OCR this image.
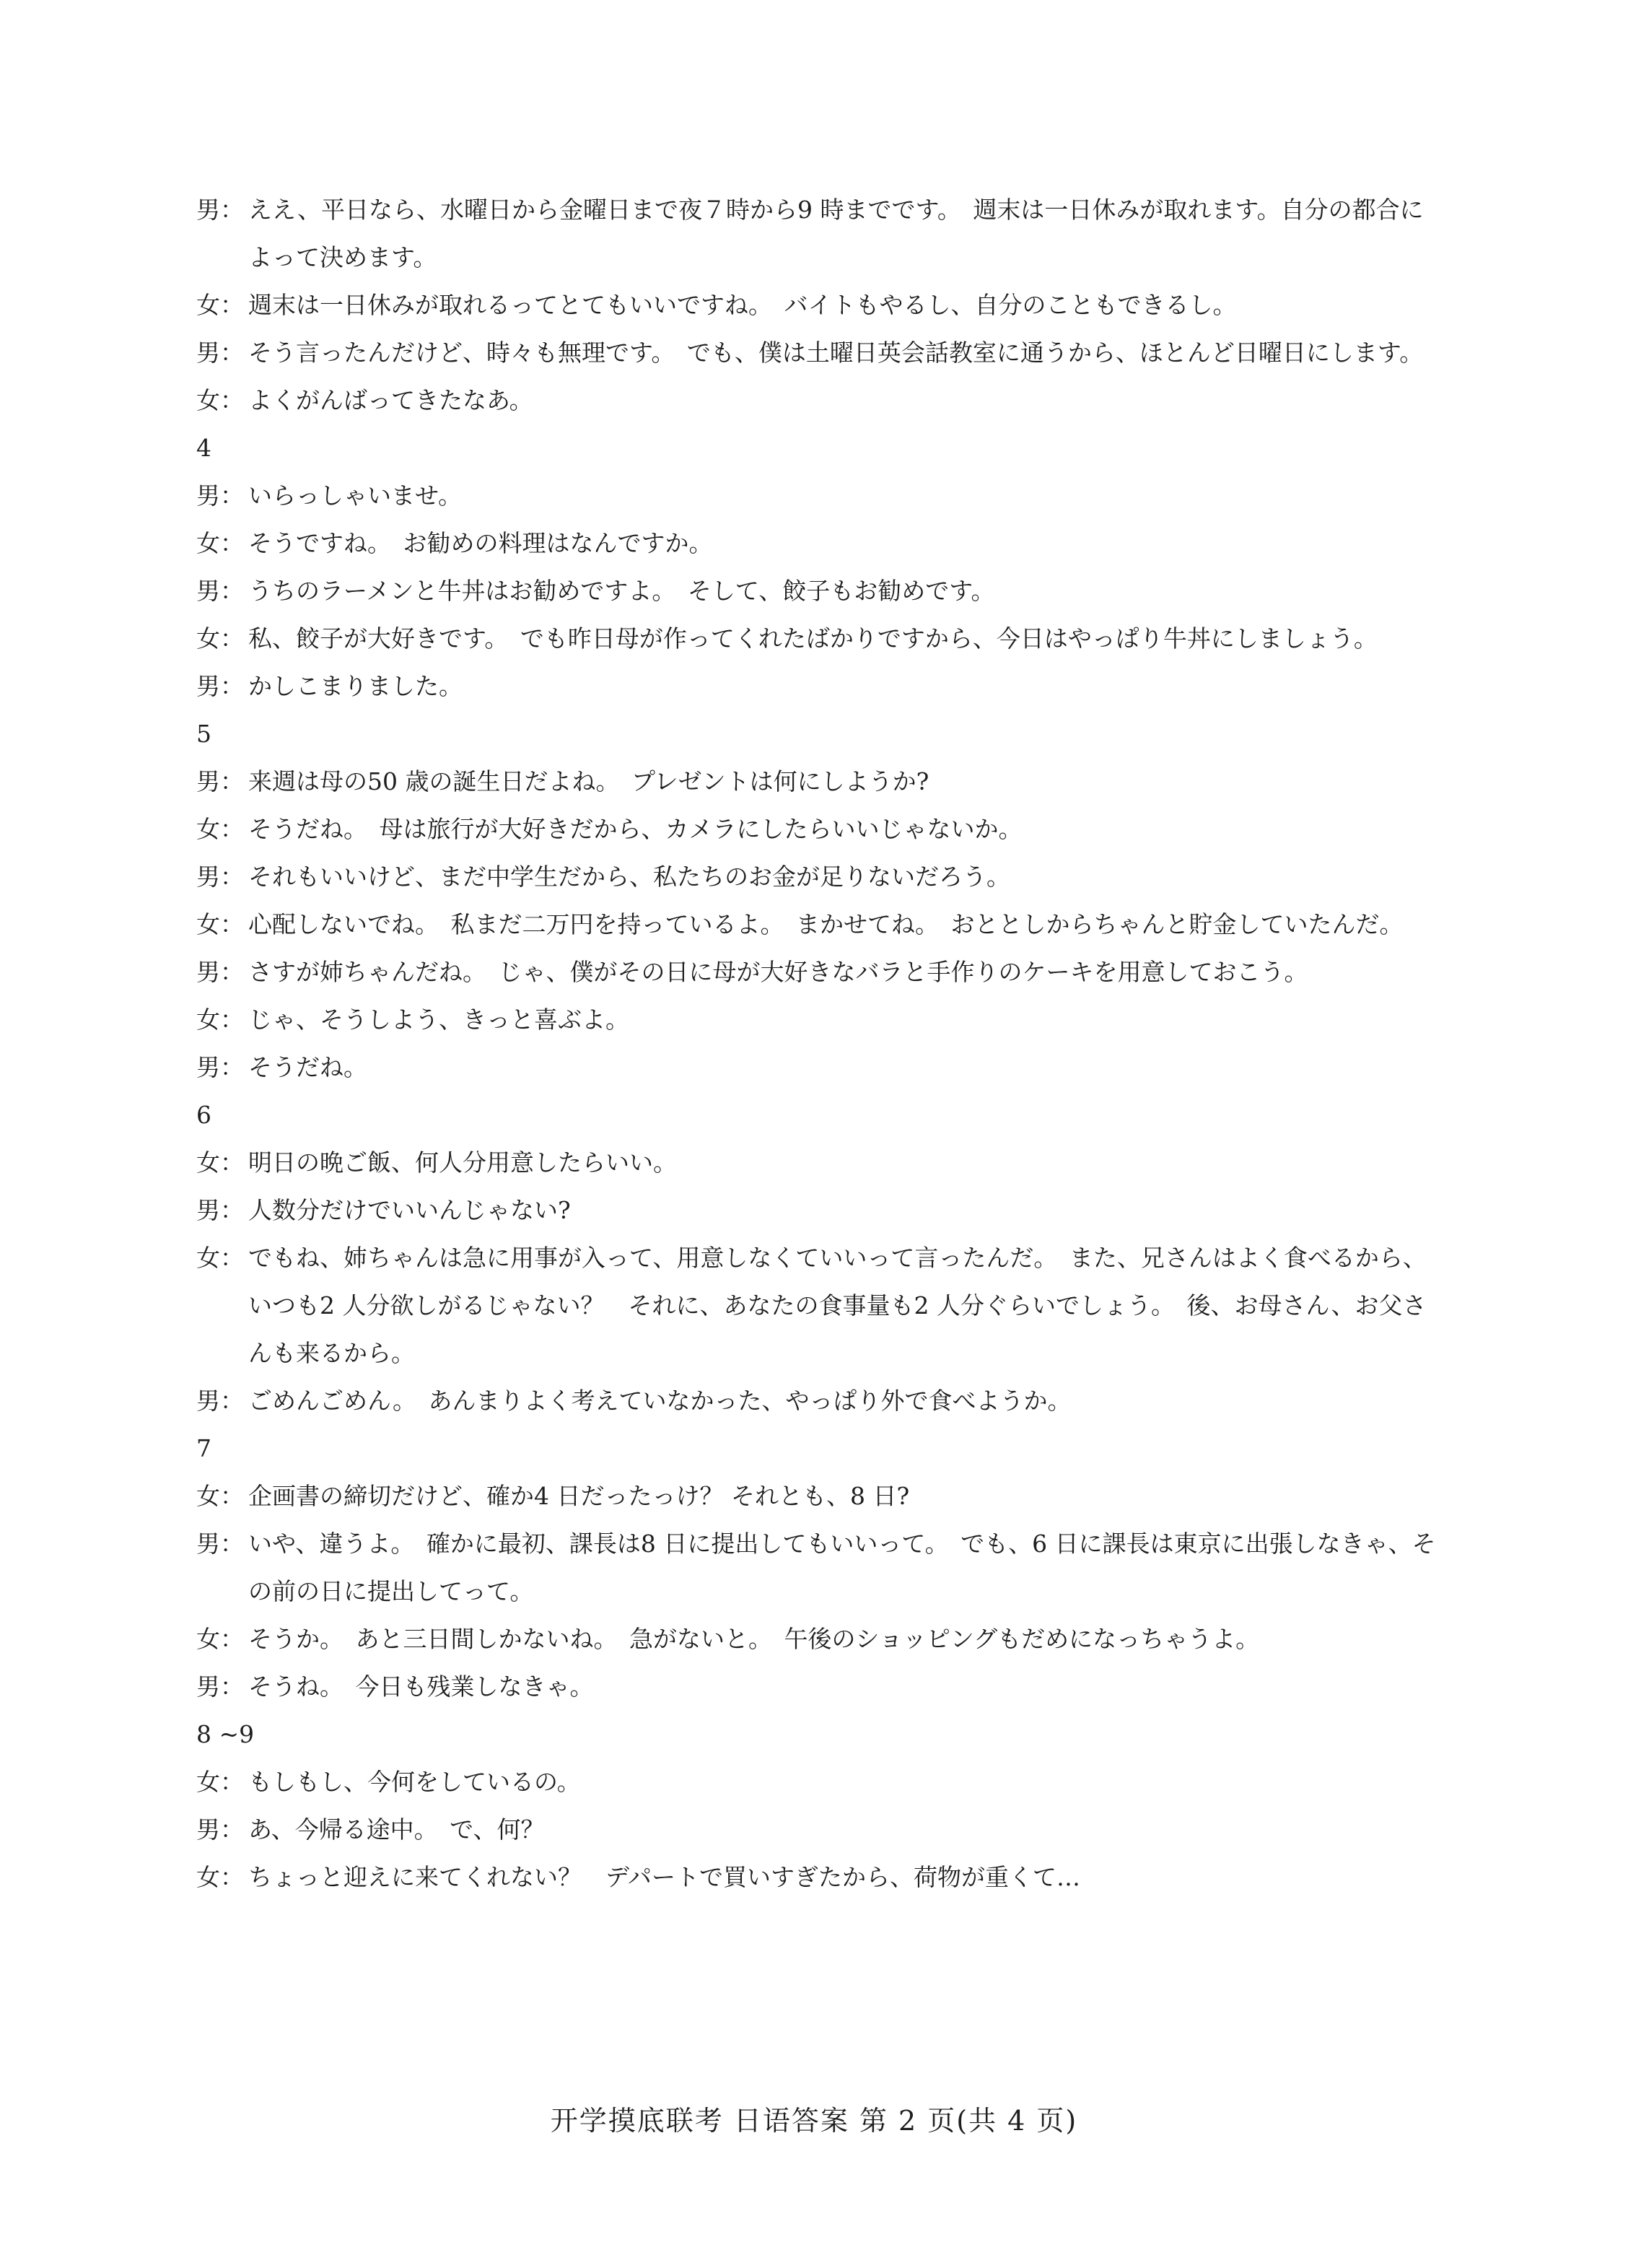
男： ええ、平日なら、水曜日から金曜日まで夜７時から9 時までです。　週末は一日休みが取れます。自分の都合によって決めます。
女： 週末は一日休みが取れるってとてもいいですね。　バイトもやるし、自分のこともできるし。
男： そう言ったんだけど、時々も無理です。　でも、僕は土曜日英会話教室に通うから、ほとんど日曜日にします。
女： よくがんばってきたなあ。
4
男： いらっしゃいませ。
女： そうですね。　お勧めの料理はなんですか。
男： うちのラーメンと牛丼はお勧めですよ。　そして、餃子もお勧めです。
女： 私、餃子が大好きです。　でも昨日母が作ってくれたばかりですから、今日はやっぱり牛丼にしましょう。
男： かしこまりました。
5
男： 来週は母の50 歳の誕生日だよね。　プレゼントは何にしようか?
女： そうだね。　母は旅行が大好きだから、カメラにしたらいいじゃないか。
男： それもいいけど、まだ中学生だから、私たちのお金が足りないだろう。
女： 心配しないでね。　私まだ二万円を持っているよ。　まかせてね。　おととしからちゃんと貯金していたんだ。
男： さすが姉ちゃんだね。　じゃ、僕がその日に母が大好きなバラと手作りのケーキを用意しておこう。
女： じゃ、そうしよう、きっと喜ぶよ。
男： そうだね。
6
女： 明日の晩ご飯、何人分用意したらいい。
男： 人数分だけでいいんじゃない?
女： でもね、姉ちゃんは急に用事が入って、用意しなくていいって言ったんだ。　また、兄さんはよく食べるから、いつも2 人分欲しがるじゃない？　それに、あなたの食事量も2 人分ぐらいでしょう。　後、お母さん、お父さんも来るから。
男： ごめんごめん。　あんまりよく考えていなかった、やっぱり外で食べようか。
7
女： 企画書の締切だけど、確か4 日だったっけ？ それとも、8 日?
男： いや、違うよ。　確かに最初、課長は8 日に提出してもいいって。　でも、6 日に課長は東京に出張しなきゃ、その前の日に提出してって。
女： そうか。　あと三日間しかないね。　急がないと。　午後のショッピングもだめになっちゃうよ。
男： そうね。　今日も残業しなきゃ。
8 ~9
女： もしもし、今何をしているの。
男： あ、今帰る途中。　で、何？
女： ちょっと迎えに来てくれない？　デパートで買いすぎたから、荷物が重くて…
开学摸底联考 日语答案 第 2 页(共 4 页)
